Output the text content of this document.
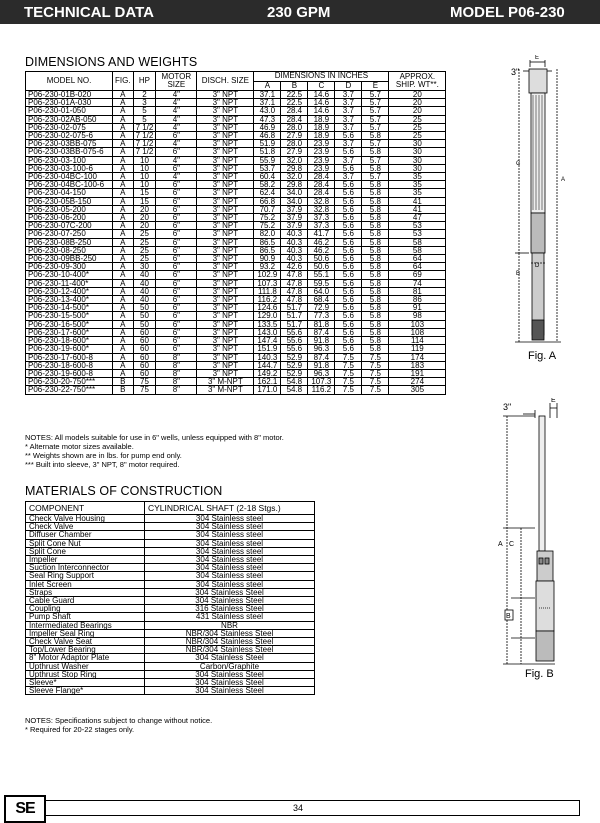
TECHNICAL DATA	230 GPM	MODEL P06-230
DIMENSIONS AND WEIGHTS
MODEL NO.	FIG.	HP	MOTOR SIZE	DISCH. SIZE	DIMENSIONS IN INCHES					APPROX. SHIP. WT**.
					A	B	C	D	E	
P06-230-01B-020	A	2	4"	3" NPT	37.1	22.5	14.6	3.7	5.7	20
P06-230-01A-030	A	3	4"	3" NPT	37.1	22.5	14.6	3.7	5.7	20
P06-230-01-050	A	5	4"	3" NPT	43.0	28.4	14.6	3.7	5.7	20
P06-230-02AB-050	A	5	4"	3" NPT	47.3	28.4	18.9	3.7	5.7	25
P06-230-02-075	A	7 1/2	4"	3" NPT	46.9	28.0	18.9	3.7	5.7	25
P06-230-02-075-6	A	7 1/2	6"	3" NPT	46.8	27.9	18.9	5.6	5.8	25
P06-230-03BB-075	A	7 1/2	4"	3" NPT	51.9	28.0	23.9	3.7	5.7	30
P06-230-03BB-075-6	A	7 1/2	6"	3" NPT	51.8	27.9	23.9	5.6	5.8	30
P06-230-03-100	A	10	4"	3" NPT	55.9	32.0	23.9	3.7	5.7	30
P06-230-03-100-6	A	10	6"	3" NPT	53.7	29.8	23.9	5.6	5.8	30
P06-230-04BC-100	A	10	4"	3" NPT	60.4	32.0	28.4	3.7	5.7	35
P06-230-04BC-100-6	A	10	6"	3" NPT	58.2	29.8	28.4	5.6	5.8	35
P06-230-04-150	A	15	6"	3" NPT	62.4	34.0	28.4	5.6	5.8	35
P06-230-05B-150	A	15	6"	3" NPT	66.8	34.0	32.8	5.6	5.8	41
P06-230-05-200	A	20	6"	3" NPT	70.7	37.9	32.8	5.6	5.8	41
P06-230-06-200	A	20	6"	3" NPT	75.2	37.9	37.3	5.6	5.8	47
P06-230-07C-200	A	20	6"	3" NPT	75.2	37.9	37.3	5.6	5.8	53
P06-230-07-250	A	25	6"	3" NPT	82.0	40.3	41.7	5.6	5.8	53
P06-230-08B-250	A	25	6"	3" NPT	86.5	40.3	46.2	5.6	5.8	58
P06-230-08-250	A	25	6"	3" NPT	86.5	40.3	46.2	5.6	5.8	58
P06-230-09BB-250	A	25	6"	3" NPT	90.9	40.3	50.6	5.6	5.8	64
P06-230-09-300	A	30	6"	3" NPT	93.2	42.6	50.6	5.6	5.8	64
P06-230-10-400*	A	40	6"	3" NPT	102.9	47.8	55.1	5.6	5.8	69
P06-230-11-400*	A	40	6"	3" NPT	107.3	47.8	59.5	5.6	5.8	74
P06-230-12-400*	A	40	6"	3" NPT	111.8	47.8	64.0	5.6	5.8	81
P06-230-13-400*	A	40	6"	3" NPT	116.2	47.8	68.4	5.6	5.8	86
P06-230-14-500*	A	50	6"	3" NPT	124.6	51.7	72.9	5.6	5.8	91
P06-230-15-500*	A	50	6"	3" NPT	129.0	51.7	77.3	5.6	5.8	98
P06-230-16-500*	A	50	6"	3" NPT	133.5	51.7	81.8	5.6	5.8	103
P06-230-17-600*	A	60	6"	3" NPT	143.0	55.6	87.4	5.6	5.8	108
P06-230-18-600*	A	60	6"	3" NPT	147.4	55.6	91.8	5.6	5.8	114
P06-230-19-600*	A	60	6"	3" NPT	151.9	55.6	96.3	5.6	5.8	119
P06-230-17-600-8	A	60	8"	3" NPT	140.3	52.9	87.4	7.5	7.5	174
P06-230-18-600-8	A	60	8"	3" NPT	144.7	52.9	91.8	7.5	7.5	183
P06-230-19-600-8	A	60	8"	3" NPT	149.2	52.9	96.3	7.5	7.5	191
P06-230-20-750***	B	75	8"	3" M-NPT	162.1	54.8	107.3	7.5	7.5	274
P06-230-22-750***	B	75	8"	3" M-NPT	171.0	54.8	116.2	7.5	7.5	305
NOTES: All models suitable for use in 6" wells, unless equipped with 8" motor.
* Alternate motor sizes available.
** Weights shown are in lbs. for pump end only.
*** Built into sleeve, 3" NPT, 8" motor required.
MATERIALS OF CONSTRUCTION
COMPONENT	CYLINDRICAL SHAFT (2-18 Stgs.)
Check Valve Housing	304 Stainless steel
Check Valve	304 Stainless steel
Diffuser Chamber	304 Stainless steel
Split Cone Nut	304 Stainless steel
Split Cone	304 Stainless steel
Impeller	304 Stainless steel
Suction Interconnector	304 Stainless steel
Seal Ring Support	304 Stainless steel
Inlet Screen	304 Stainless steel
Straps	304 Stainless Steel
Cable Guard	304 Stainless Steel
Coupling	316 Stainless Steel
Pump Shaft	431 Stainless steel
Intermediated Bearings	NBR
Impeller Seal Ring	NBR/304 Stainless Steel
Check Valve Seat	NBR/304 Stainless Steel
Top/Lower Bearing	NBR/304 Stainless Steel
8" Motor Adaptor Plate	304 Stainless Steel
Upthrust Washer	Carbon/Graphite
Upthrust Stop Ring	304 Stainless Steel
Sleeve*	304 Stainless Steel
Sleeve Flange*	304 Stainless Steel
NOTES: Specifications subject to change without notice.
* Required for 20-22 stages only.
3"
E
C
A
B
D
Fig. A
3"
E
A C
B
Fig. B
SE	34
